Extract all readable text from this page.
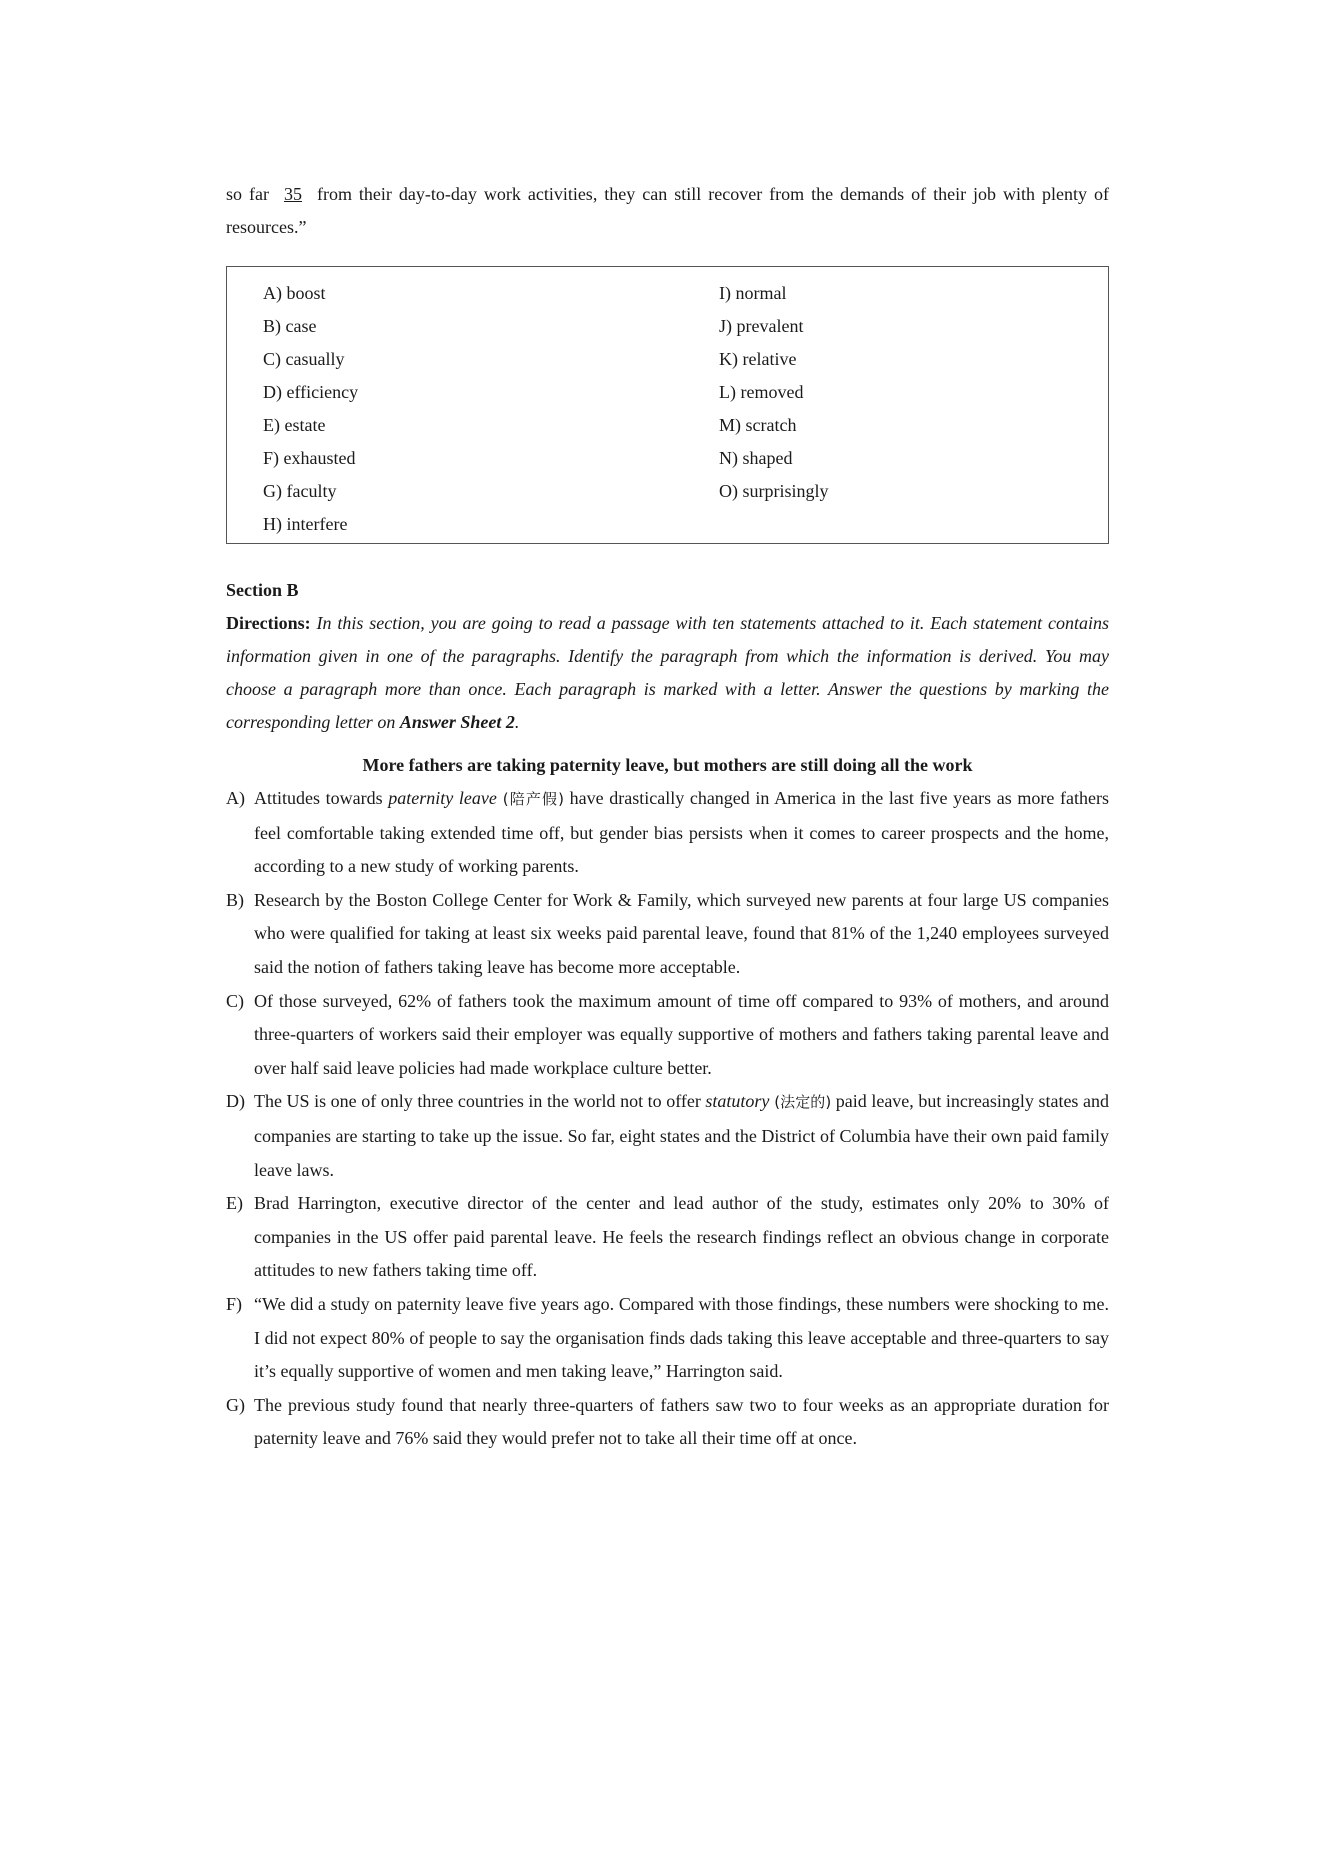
so far 35 from their day-to-day work activities, they can still recover from the demands of their job with plenty of resources.”

A) boost
B) case
C) casually
D) efficiency
E) estate
F) exhausted
G) faculty
H) interfere
I) normal
J) prevalent
K) relative
L) removed
M) scratch
N) shaped
O) surprisingly
Section B

Directions: In this section, you are going to read a passage with ten statements attached to it. Each statement contains information given in one of the paragraphs. Identify the paragraph from which the information is derived. You may choose a paragraph more than once. Each paragraph is marked with a letter. Answer the questions by marking the corresponding letter on Answer Sheet 2.

More fathers are taking paternity leave, but mothers are still doing all the work

A) Attitudes towards paternity leave (陪产假) have drastically changed in America in the last five years as more fathers feel comfortable taking extended time off, but gender bias persists when it comes to career prospects and the home, according to a new study of working parents.

B) Research by the Boston College Center for Work & Family, which surveyed new parents at four large US companies who were qualified for taking at least six weeks paid parental leave, found that 81% of the 1,240 employees surveyed said the notion of fathers taking leave has become more acceptable.

C) Of those surveyed, 62% of fathers took the maximum amount of time off compared to 93% of mothers, and around three-quarters of workers said their employer was equally supportive of mothers and fathers taking parental leave and over half said leave policies had made workplace culture better.

D) The US is one of only three countries in the world not to offer statutory (法定的) paid leave, but increasingly states and companies are starting to take up the issue. So far, eight states and the District of Columbia have their own paid family leave laws.

E) Brad Harrington, executive director of the center and lead author of the study, estimates only 20% to 30% of companies in the US offer paid parental leave. He feels the research findings reflect an obvious change in corporate attitudes to new fathers taking time off.

F) “We did a study on paternity leave five years ago. Compared with those findings, these numbers were shocking to me. I did not expect 80% of people to say the organisation finds dads taking this leave acceptable and three-quarters to say it’s equally supportive of women and men taking leave,” Harrington said.

G) The previous study found that nearly three-quarters of fathers saw two to four weeks as an appropriate duration for paternity leave and 76% said they would prefer not to take all their time off at once.
